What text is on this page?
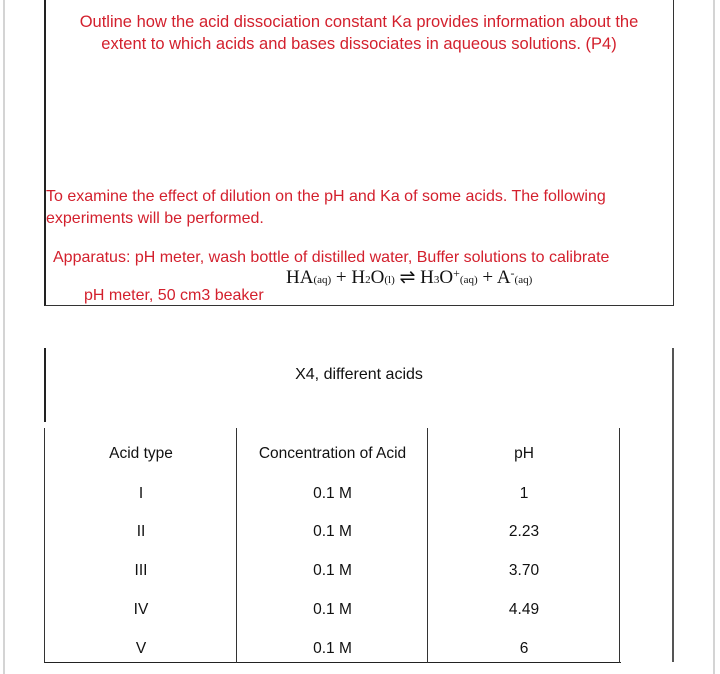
Outline how the acid dissociation constant Ka provides information about the
extent to which acids and bases dissociates in aqueous solutions. (P4)
To examine the effect of dilution on the pH and Ka of some acids. The following
experiments will be performed.
Apparatus: pH meter, wash bottle of distilled water, Buffer solutions to calibrate
HA(aq) + H2O(l) ⇌ H3O+(aq) + A-(aq)
pH meter, 50 cm3 beaker
X4, different acids
Acid type	Concentration of Acid	pH
I	0.1 M	1
II	0.1 M	2.23
III	0.1 M	3.70
IV	0.1 M	4.49
V	0.1 M	6
